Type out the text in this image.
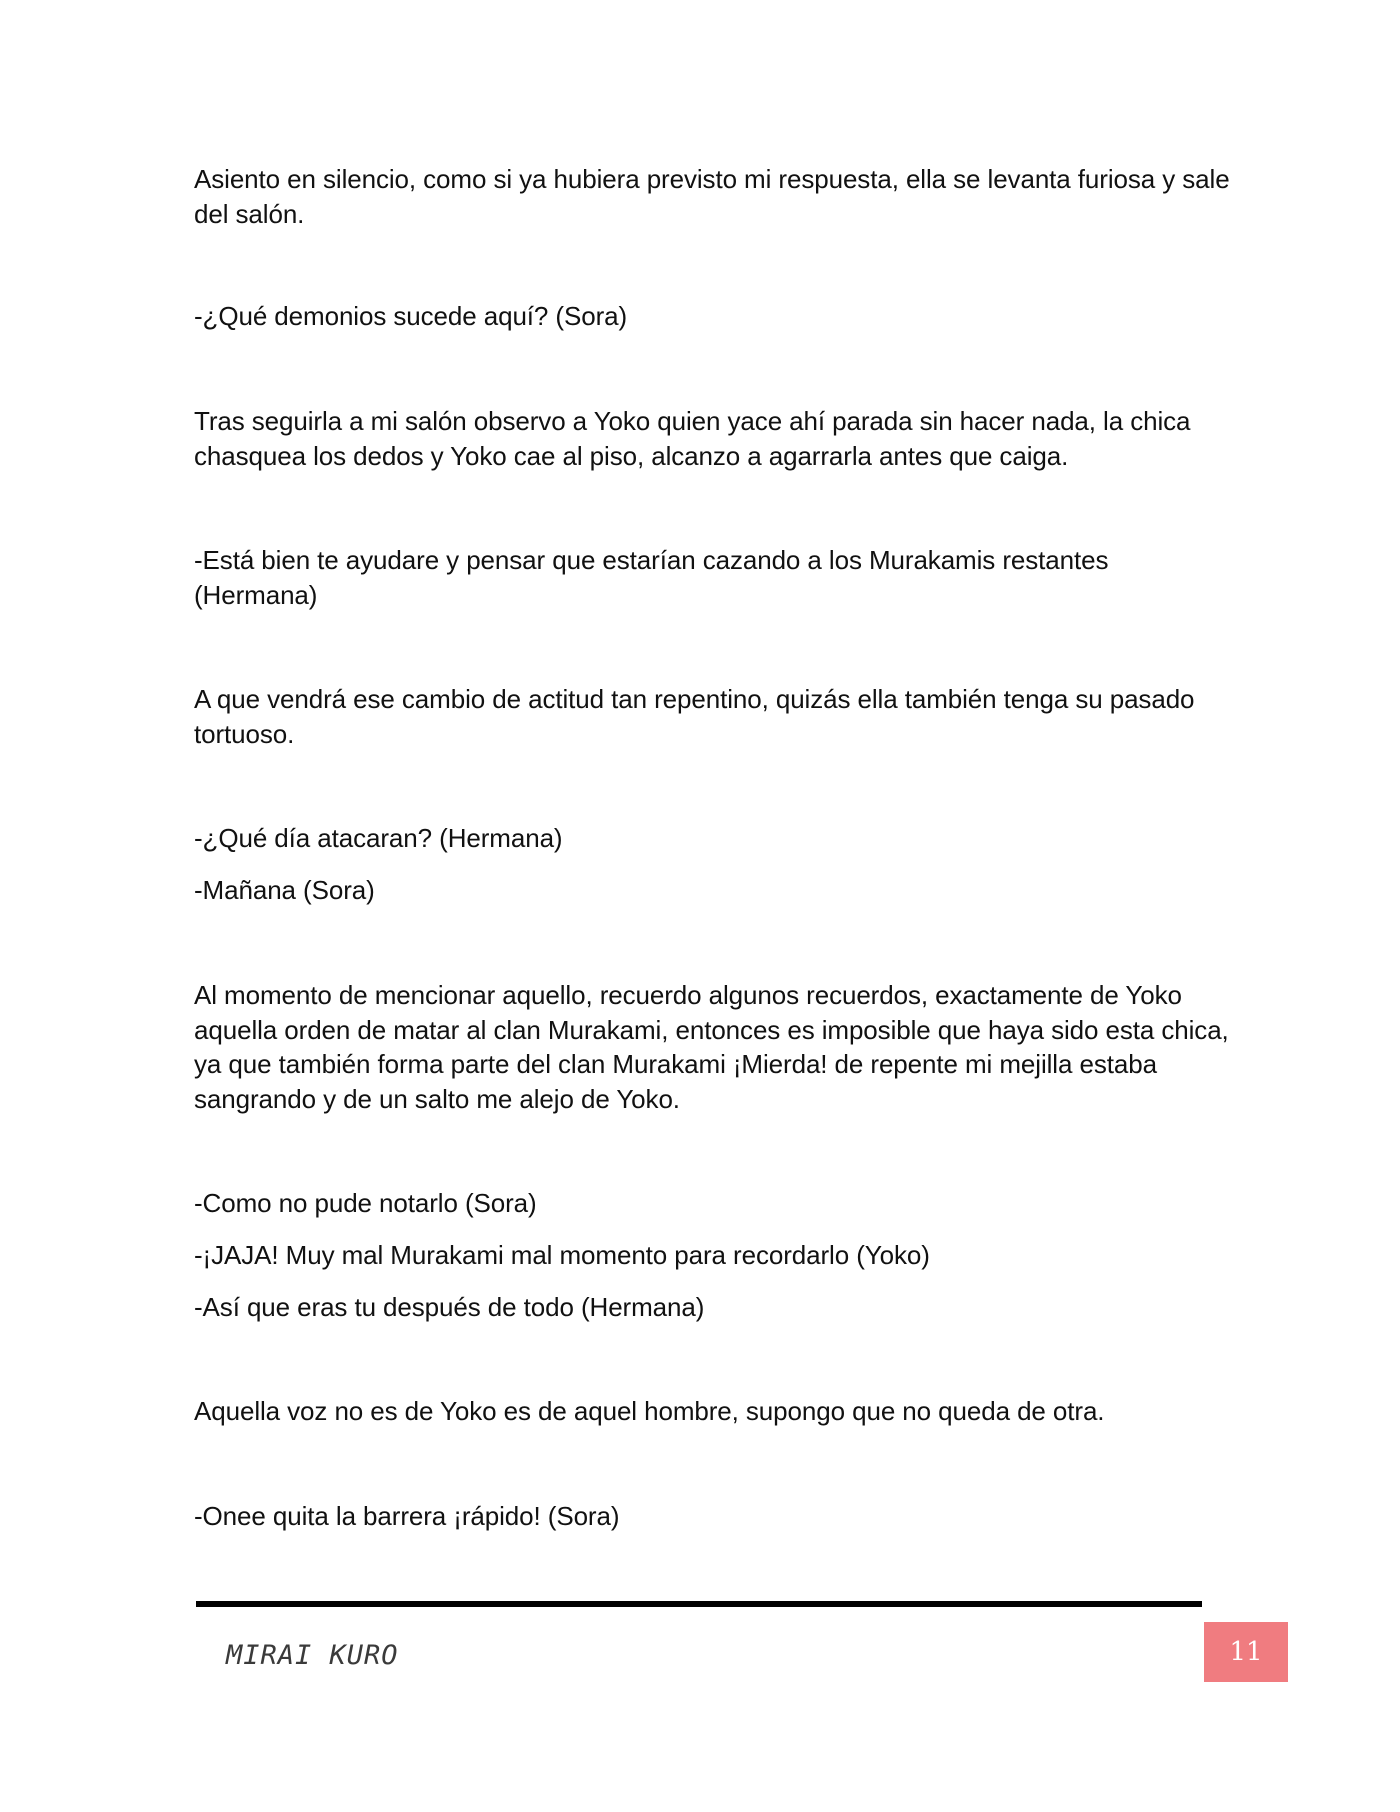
Asiento en silencio, como si ya hubiera previsto mi respuesta, ella se levanta furiosa y sale del salón.

-¿Qué demonios sucede aquí? (Sora)

Tras seguirla a mi salón observo a Yoko quien yace ahí parada sin hacer nada, la chica chasquea los dedos y Yoko cae al piso, alcanzo a agarrarla antes que caiga.

-Está bien te ayudare y pensar que estarían cazando a los Murakamis restantes (Hermana)

A que vendrá ese cambio de actitud tan repentino, quizás ella también tenga su pasado tortuoso.

-¿Qué día atacaran? (Hermana)

-Mañana (Sora)

Al momento de mencionar aquello, recuerdo algunos recuerdos, exactamente de Yoko aquella orden de matar al clan Murakami, entonces es imposible que haya sido esta chica, ya que también forma parte del clan Murakami ¡Mierda! de repente mi mejilla estaba sangrando y de un salto me alejo de Yoko.

-Como no pude notarlo (Sora)

-¡JAJA! Muy mal Murakami mal momento para recordarlo (Yoko)

-Así que eras tu después de todo (Hermana)

Aquella voz no es de Yoko es de aquel hombre, supongo que no queda de otra.

-Onee quita la barrera ¡rápido! (Sora)

MIRAI KURO	11
